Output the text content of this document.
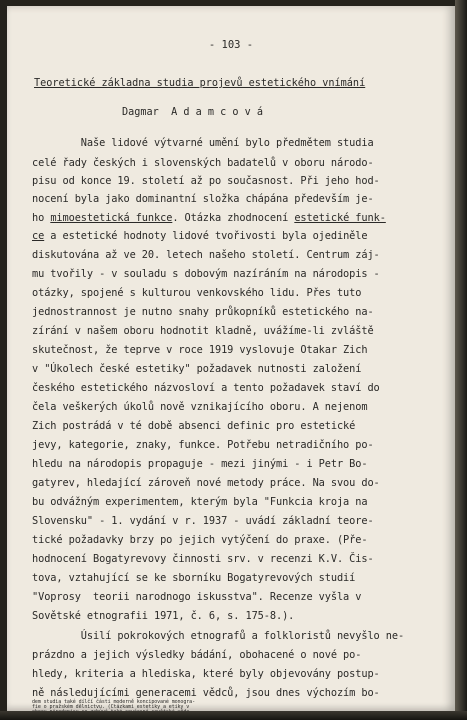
- 103 -
Teoretické základna studia projevů estetického vnímání
Dagmar  A d a m c o v á
Naše lidové výtvarné umění bylo předmětem studia
celé řady českých i slovenských badatelů v oboru národo-
pisu od konce 19. století až po současnost. Při jeho hod-
nocení byla jako dominantní složka chápána především je-
ho mimoestetická funkce. Otázka zhodnocení estetické funk-
ce a estetické hodnoty lidové tvořivosti byla ojediněle
diskutována až ve 20. letech našeho století. Centrum záj-
mu tvořily - v souladu s dobovým nazíráním na národopis -
otázky, spojené s kulturou venkovského lidu. Přes tuto
jednostrannost je nutno snahy průkopníků estetického na-
zírání v našem oboru hodnotit kladně, uvážíme-li zvláště
skutečnost, že teprve v roce 1919 vyslovuje Otakar Zich
v "Úkolech české estetiky" požadavek nutnosti založení
českého estetického názvosloví a tento požadavek staví do
čela veškerých úkolů nově vznikajícího oboru. A nejenom
Zich postrádá v té době absenci definic pro estetické
jevy, kategorie, znaky, funkce. Potřebu netradičního po-
hledu na národopis propaguje - mezi jinými - i Petr Bo-
gatyrev, hledající zároveň nové metody práce. Na svou do-
bu odvážným experimentem, kterým byla "Funkcia kroja na
Slovensku" - 1. vydání v r. 1937 - uvádí základní teore-
tické požadavky brzy po jejich vytýčení do praxe. (Pře-
hodnocení Bogatyrevovy činnosti srv. v recenzi K.V. Čis-
tova, vztahující se ke sborníku Bogatyrevových studií
"Voprosy  teorii narodnogo iskusstva". Recenze vyšla v
Sovětské etnografii 1971, č. 6, s. 175-8.).
Úsilí pokrokových etnografů a folkloristů nevyšlo ne-
prázdno a jejich výsledky bádání, obohacené o nové po-
hledy, kriteria a hlediska, které byly objevovány postup-
ně následujícími generacemi vědců, jsou dnes výchozím bo-
dem studia také dílčí části moderně koncipované monogra-
fie o pražském dělnictvu. (Ctázkami estetiky a etiky v
